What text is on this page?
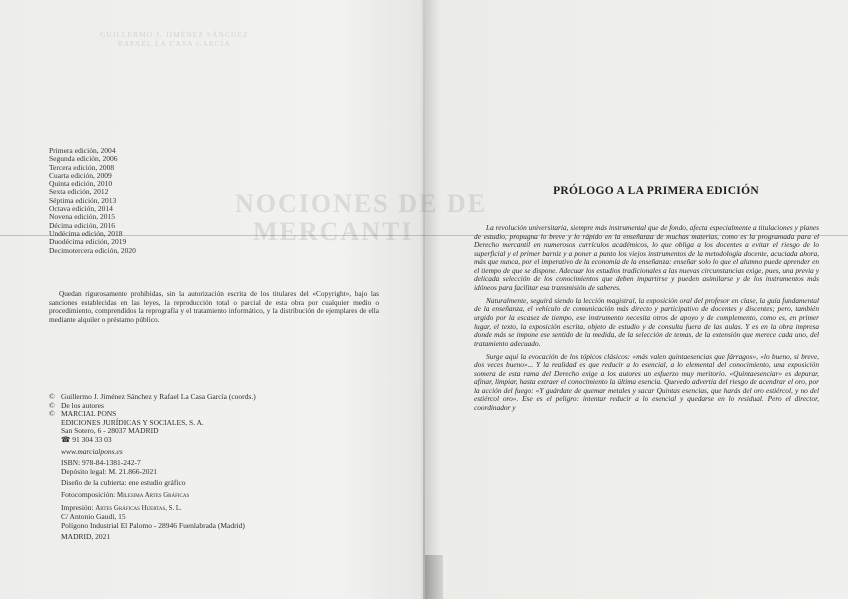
GUILLERMO J. JIMÉNEZ SÁNCHEZ
RAFAEL LA CASA GARCÍA
NOCIONES DE DE
MERCANTI
Primera edición, 2004
Segunda edición, 2006
Tercera edición, 2008
Cuarta edición, 2009
Quinta edición, 2010
Sexta edición, 2012
Séptima edición, 2013
Octava edición, 2014
Novena edición, 2015
Décima edición, 2016
Undécima edición, 2018
Duodécima edición, 2019
Decimotercera edición, 2020
Quedan rigurosamente prohibidas, sin la autorización escrita de los titulares del «Copyright», bajo las sanciones establecidas en las leyes, la reproducción total o parcial de esta obra por cualquier medio o procedimiento, comprendidos la reprografía y el tratamiento informático, y la distribución de ejemplares de ella mediante alquiler o préstamo público.
© Guillermo J. Jiménez Sánchez y Rafael La Casa García (coords.)
© De los autores
© MARCIAL PONS
EDICIONES JURÍDICAS Y SOCIALES, S. A.
San Sotero, 6 - 28037 MADRID
☎ 91 304 33 03
www.marcialpons.es
ISBN: 978-84-1381-242-7
Depósito legal: M. 21.866-2021
Diseño de la cubierta: ene estudio gráfico
Fotocomposición: Milesima Artes Gráficas
Impresión: Artes Gráficas Huertas, S. L.
C/ Antonio Gaudí, 15
Polígono Industrial El Palomo - 28946 Fuenlabrada (Madrid)
MADRID, 2021
PRÓLOGO A LA PRIMERA EDICIÓN

La revolución universitaria, siempre más instrumental que de fondo, afecta especialmente a titulaciones y planes de estudio, propugna lo breve y lo rápido en la enseñanza de muchas materias, como es la programada para el Derecho mercantil en numerosos currículos académicos, lo que obliga a los docentes a evitar el riesgo de lo superficial y el primer barniz y a poner a punto los viejos instrumentos de la metodología docente, acuciada ahora, más que nunca, por el imperativo de la economía de la enseñanza: enseñar solo lo que el alumno puede aprender en el tiempo de que se dispone. Adecuar los estudios tradicionales a las nuevas circunstancias exige, pues, una previa y delicada selección de los conocimientos que deben impartirse y pueden asimilarse y de los instrumentos más idóneos para facilitar esa transmisión de saberes.

Naturalmente, seguirá siendo la lección magistral, la exposición oral del profesor en clase, la guía fundamental de la enseñanza, el vehículo de comunicación más directo y participativo de docentes y discentes; pero, también urgido por la escasez de tiempo, ese instrumento necesita otros de apoyo y de complemento, como es, en primer lugar, el texto, la exposición escrita, objeto de estudio y de consulta fuera de las aulas. Y es en la obra impresa donde más se impone ese sentido de la medida, de la selección de temas, de la extensión que merece cada uno, del tratamiento adecuado.

Surge aquí la evocación de los tópicos clásicos: «más valen quintaesencias que fárragos», «lo bueno, si breve, dos veces bueno»... Y la realidad es que reducir a lo esencial, a lo elemental del conocimiento, una exposición somera de esta rama del Derecho exige a los autores un esfuerzo muy meritorio. «Quintaesenciar» es depurar, afinar, limpiar, hasta extraer el conocimiento la última esencia. Quevedo advertía del riesgo de acendrar el oro, por la acción del fuego: «Y guárdate de quemar metales y sacar Quintas esencias, que harás del oro estiércol, y no del estiércol oro». Ese es el peligro: intentar reducir a lo esencial y quedarse en lo residual. Pero el director, coordinador y
